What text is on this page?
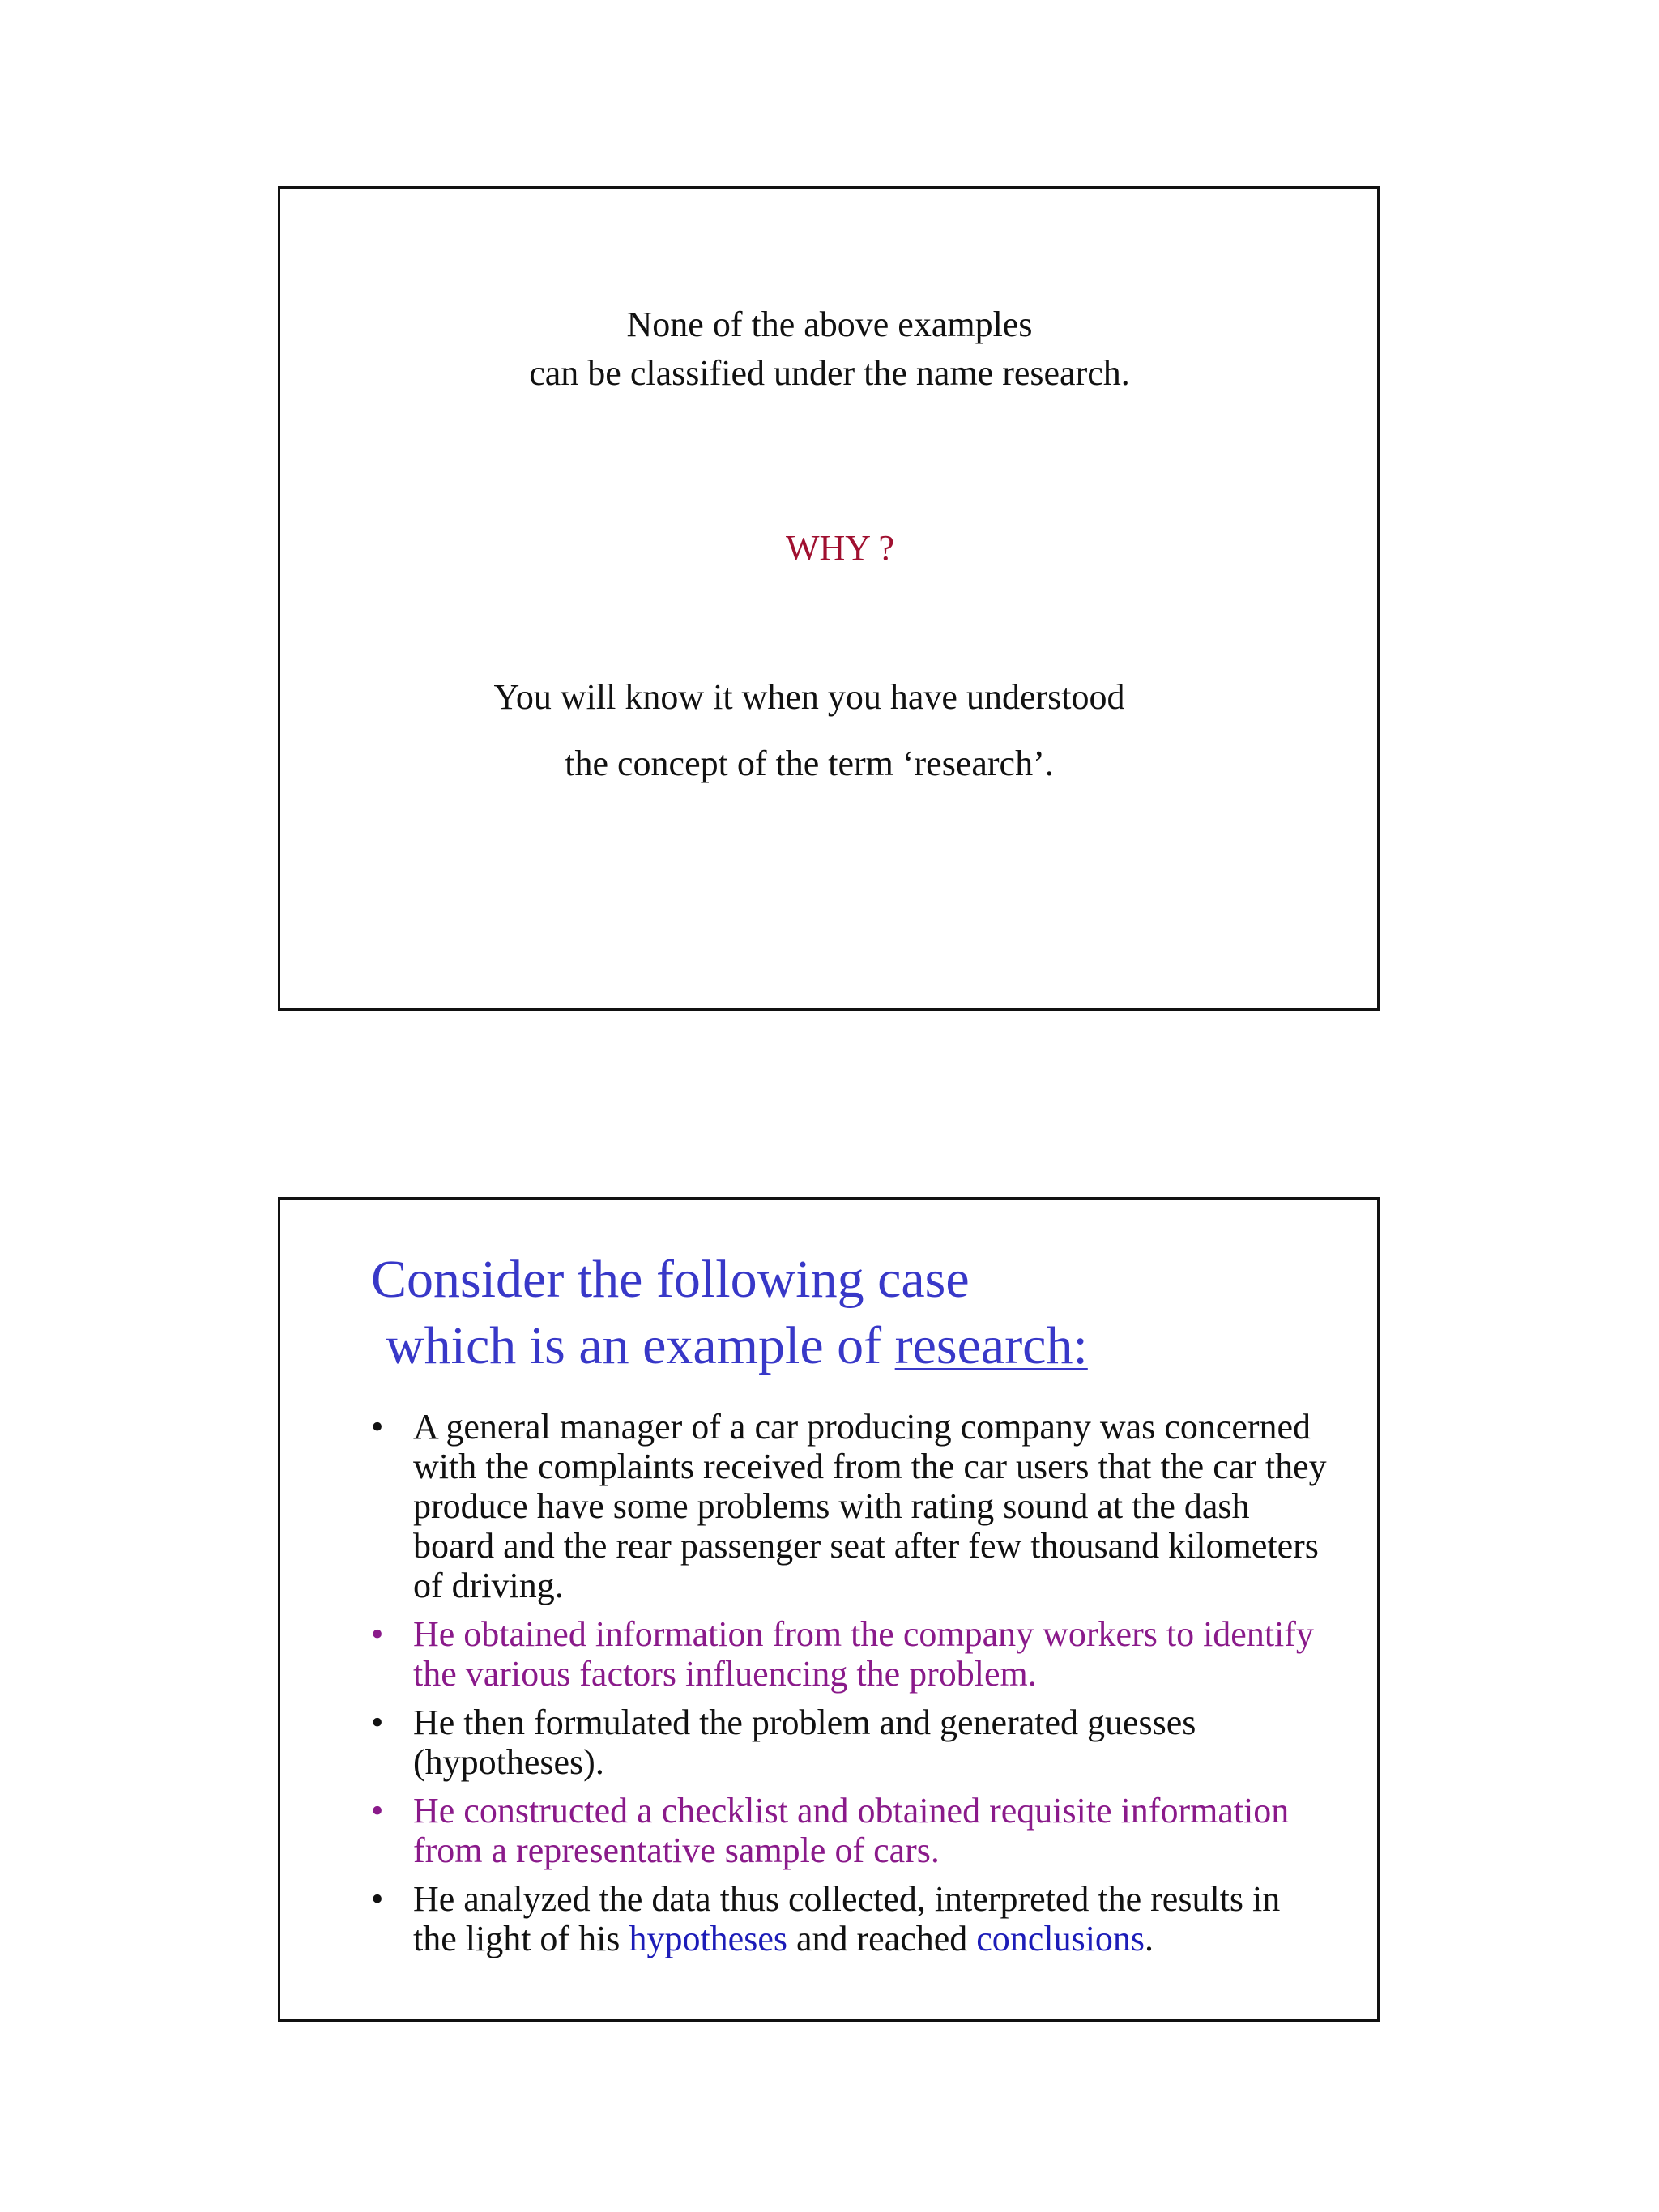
None of the above examples
can be classified under the name research.
WHY ?
You will know it when you have understood
the concept of the term ‘research’.
Consider the following case
which is an example of research:
• A general manager of a car producing company was concerned with the complaints received from the car users that the car they produce have some problems with rating sound at the dash board and the rear passenger seat after few thousand kilometers of driving.
• He obtained information from the company workers to identify the various factors influencing the problem.
• He then formulated the problem and generated guesses (hypotheses).
• He constructed a checklist and obtained requisite information from a representative sample of cars.
• He analyzed the data thus collected, interpreted the results in the light of his hypotheses and reached conclusions.
